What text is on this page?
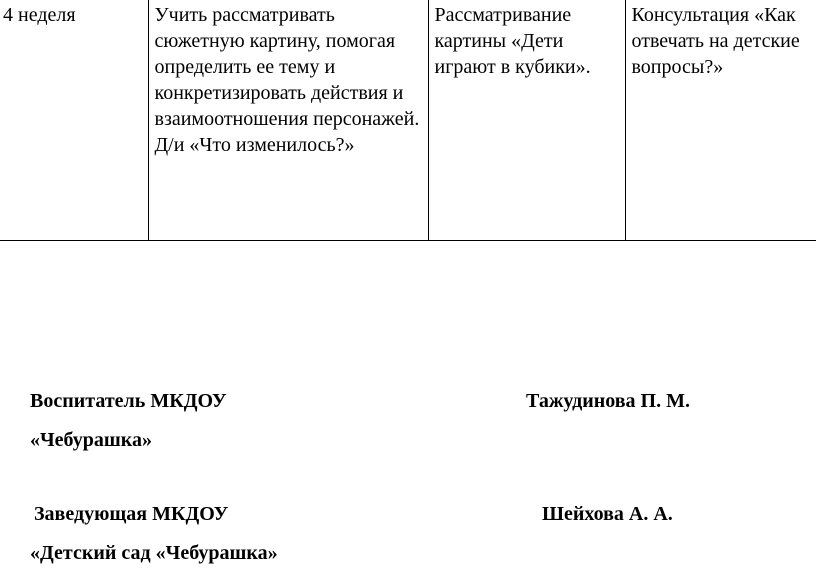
4 неделя	Учить рассматривать сюжетную картину, помогая определить ее тему и конкретизировать действия и взаимоотношения персонажей. Д/и «Что изменилось?»	Рассматривание картины «Дети играют в кубики».	Консультация «Как отвечать на детские вопросы?»
Воспитатель МКДОУ	Тажудинова П. М.
«Чебурашка»
Заведующая МКДОУ	Шейхова А. А.
«Детский сад «Чебурашка»
